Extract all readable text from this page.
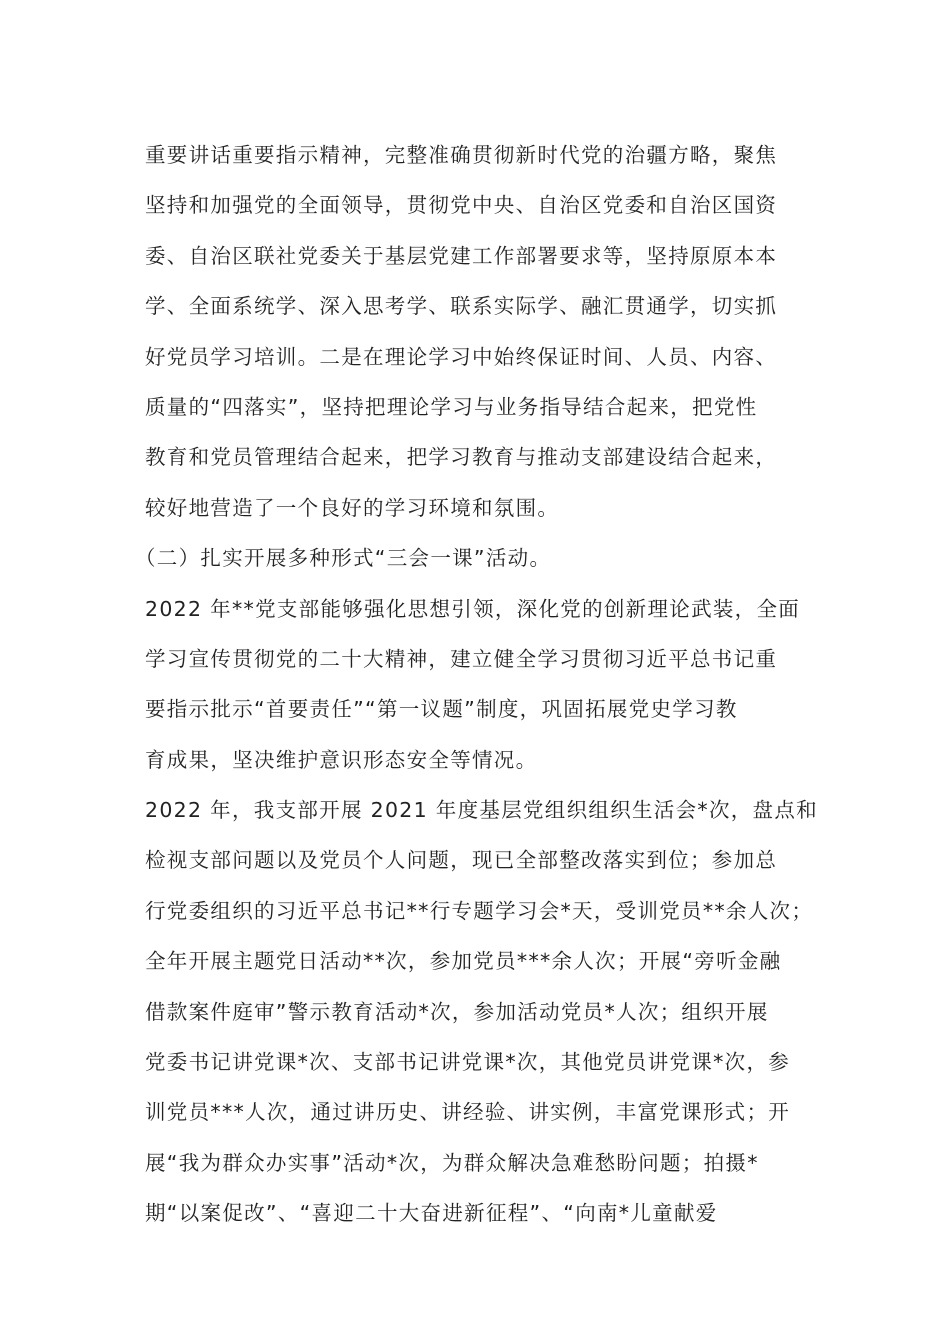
重要讲话重要指示精神，完整准确贯彻新时代党的治疆方略，聚焦
坚持和加强党的全面领导，贯彻党中央、自治区党委和自治区国资
委、自治区联社党委关于基层党建工作部署要求等，坚持原原本本
学、全面系统学、深入思考学、联系实际学、融汇贯通学，切实抓
好党员学习培训。二是在理论学习中始终保证时间、人员、内容、
质量的“四落实”，坚持把理论学习与业务指导结合起来，把党性
教育和党员管理结合起来，把学习教育与推动支部建设结合起来，
较好地营造了一个良好的学习环境和氛围。
（二）扎实开展多种形式“三会一课”活动。
2022 年**党支部能够强化思想引领，深化党的创新理论武装，全面
学习宣传贯彻党的二十大精神，建立健全学习贯彻习近平总书记重
要指示批示“首要责任”“第一议题”制度，巩固拓展党史学习教
育成果，坚决维护意识形态安全等情况。
2022 年，我支部开展 2021 年度基层党组织组织生活会*次，盘点和
检视支部问题以及党员个人问题，现已全部整改落实到位；参加总
行党委组织的习近平总书记**行专题学习会*天，受训党员**余人次；
全年开展主题党日活动**次，参加党员***余人次；开展“旁听金融
借款案件庭审”警示教育活动*次，参加活动党员*人次；组织开展
党委书记讲党课*次、支部书记讲党课*次，其他党员讲党课*次，参
训党员***人次，通过讲历史、讲经验、讲实例，丰富党课形式；开
展“我为群众办实事”活动*次，为群众解决急难愁盼问题；拍摄*
期“以案促改”、“喜迎二十大奋进新征程”、“向南*儿童献爱
